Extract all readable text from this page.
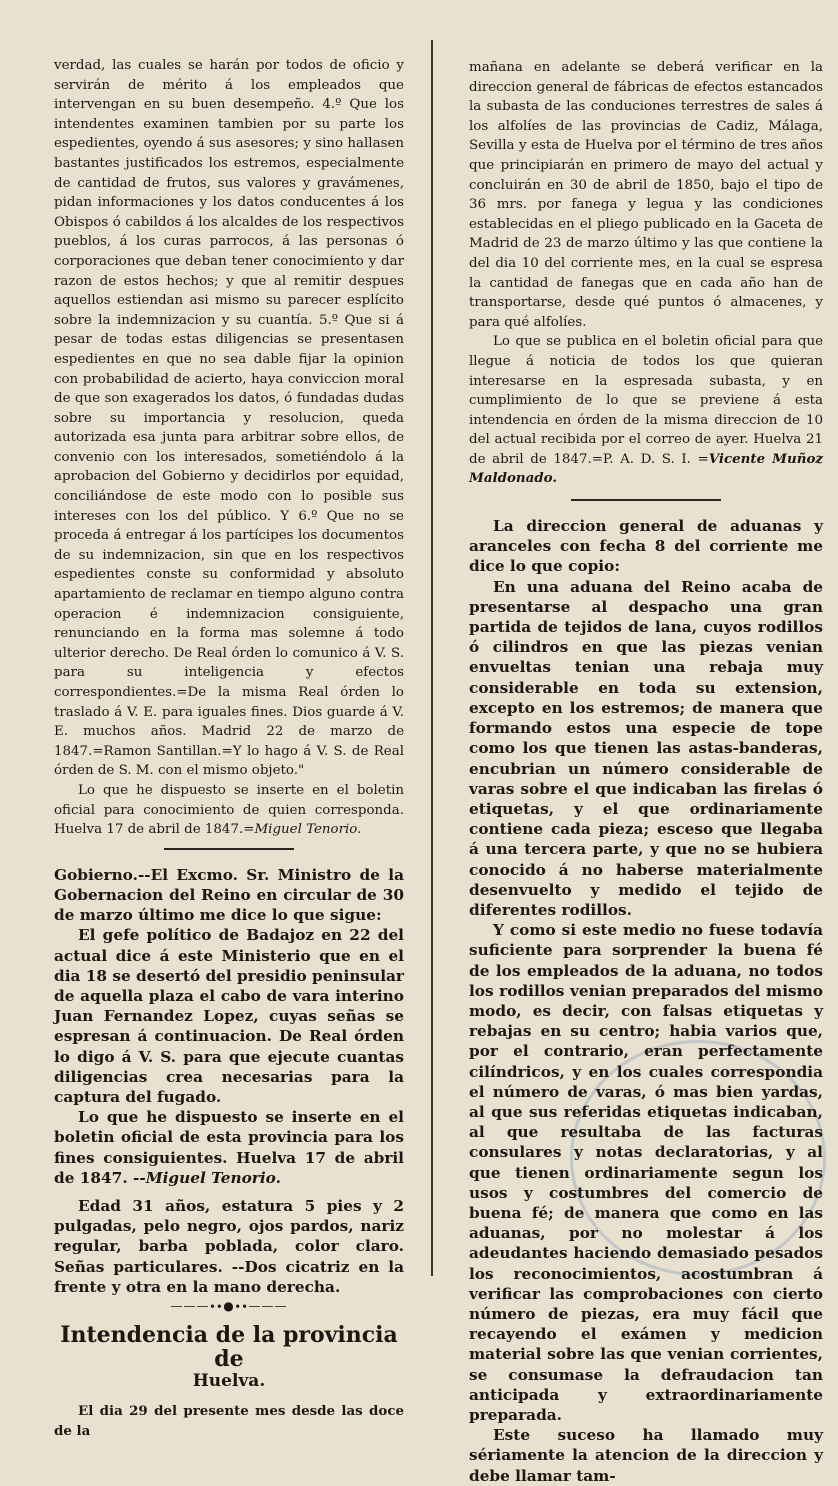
verdad, las cuales se harán por todos de oficio y servirán de mérito á los empleados que intervengan en su buen desempeño. 4.º Que los intendentes examinen tambien por su parte los espedientes, oyendo á sus asesores; y sino hallasen bastantes justificados los estremos, especialmente de cantidad de frutos, sus valores y gravámenes, pidan informaciones y los datos conducentes á los Obispos ó cabildos á los alcaldes de los respectivos pueblos, á los curas parrocos, á las personas ó corporaciones que deban tener conocimiento y dar razon de estos hechos; y que al remitir despues aquellos estiendan asi mismo su parecer esplícito sobre la indemnizacion y su cuantía. 5.º Que si á pesar de todas estas diligencias se presentasen espedientes en que no sea dable fijar la opinion con probabilidad de acierto, haya conviccion moral de que son exagerados los datos, ó fundadas dudas sobre su importancia y resolucion, queda autorizada esa junta para arbitrar sobre ellos, de convenio con los interesados, sometiéndolo á la aprobacion del Gobierno y decidirlos por equidad, conciliándose de este modo con lo posible sus intereses con los del público. Y 6.º Que no se proceda á entregar á los partícipes los documentos de su indemnizacion, sin que en los respectivos espedientes conste su conformidad y absoluto apartamiento de reclamar en tiempo alguno contra operacion é indemnizacion consiguiente, renunciando en la forma mas solemne á todo ulterior derecho. De Real órden lo comunico á V. S. para su inteligencia y efectos correspondientes.=De la misma Real órden lo traslado á V. E. para iguales fines. Dios guarde á V. E. muchos años. Madrid 22 de marzo de 1847.=Ramon Santillan.=Y lo hago á V. S. de Real órden de S. M. con el mismo objeto."

Lo que he dispuesto se inserte en el boletin oficial para conocimiento de quien corresponda. Huelva 17 de abril de 1847.=Miguel Tenorio.

Gobierno.--El Excmo. Sr. Ministro de la Gobernacion del Reino en circular de 30 de marzo último me dice lo que sigue:

El gefe político de Badajoz en 22 del actual dice á este Ministerio que en el dia 18 se desertó del presidio peninsular de aquella plaza el cabo de vara interino Juan Fernandez Lopez, cuyas señas se espresan á continuacion. De Real órden lo digo á V. S. para que ejecute cuantas diligencias crea necesarias para la captura del fugado.

Lo que he dispuesto se inserte en el boletin oficial de esta provincia para los fines consiguientes. Huelva 17 de abril de 1847. --Miguel Tenorio.

Edad 31 años, estatura 5 pies y 2 pulgadas, pelo negro, ojos pardos, nariz regular, barba poblada, color claro. Señas particulares. --Dos cicatriz en la frente y otra en la mano derecha.

———∙∙●∙∙———
Intendencia de la provincia de
Huelva.

El dia 29 del presente mes desde las doce de la

mañana en adelante se deberá verificar en la direccion general de fábricas de efectos estancados la subasta de las conduciones terrestres de sales á los alfolíes de las provincias de Cadiz, Málaga, Sevilla y esta de Huelva por el término de tres años que principiarán en primero de mayo del actual y concluirán en 30 de abril de 1850, bajo el tipo de 36 mrs. por fanega y legua y las condiciones establecidas en el pliego publicado en la Gaceta de Madrid de 23 de marzo último y las que contiene la del dia 10 del corriente mes, en la cual se espresa la cantidad de fanegas que en cada año han de transportarse, desde qué puntos ó almacenes, y para qué alfolíes.

Lo que se publica en el boletin oficial para que llegue á noticia de todos los que quieran interesarse en la espresada subasta, y en cumplimiento de lo que se previene á esta intendencia en órden de la misma direccion de 10 del actual recibida por el correo de ayer. Huelva 21 de abril de 1847.=P. A. D. S. I. =Vicente Muñoz Maldonado.

La direccion general de aduanas y aranceles con fecha 8 del corriente me dice lo que copio:

En una aduana del Reino acaba de presentarse al despacho una gran partida de tejidos de lana, cuyos rodillos ó cilindros en que las piezas venian envueltas tenian una rebaja muy considerable en toda su extension, excepto en los estremos; de manera que formando estos una especie de tope como los que tienen las astas-banderas, encubrian un número considerable de varas sobre el que indicaban las firelas ó etiquetas, y el que ordinariamente contiene cada pieza; esceso que llegaba á una tercera parte, y que no se hubiera conocido á no haberse materialmente desenvuelto y medido el tejido de diferentes rodillos.

Y como si este medio no fuese todavía suficiente para sorprender la buena fé de los empleados de la aduana, no todos los rodillos venian preparados del mismo modo, es decir, con falsas etiquetas y rebajas en su centro; habia varios que, por el contrario, eran perfectamente cilíndricos, y en los cuales correspondia el número de varas, ó mas bien yardas, al que sus referidas etiquetas indicaban, al que resultaba de las facturas consulares y notas declaratorias, y al que tienen ordinariamente segun los usos y costumbres del comercio de buena fé; de manera que como en las aduanas, por no molestar á los adeudantes haciendo demasiado pesados los reconocimientos, acostumbran á verificar las comprobaciones con cierto número de piezas, era muy fácil que recayendo el exámen y medicion material sobre las que venian corrientes, se consumase la defraudacion tan anticipada y extraordinariamente preparada.

Este suceso ha llamado muy sériamente la atencion de la direccion y debe llamar tam-
